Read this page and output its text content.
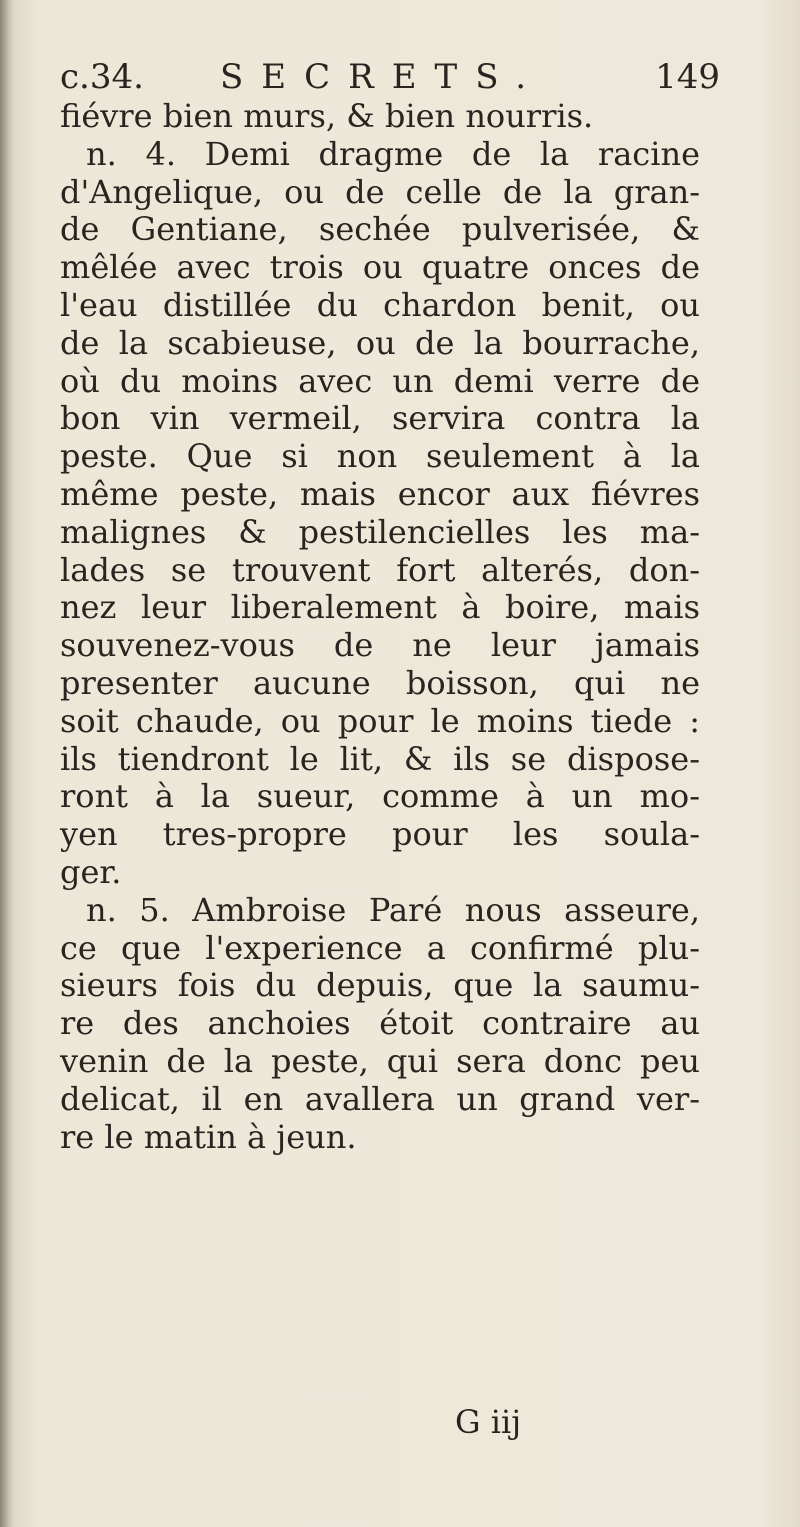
c.34. SECRETS.	149
fiévre bien murs, & bien nourris.
n. 4. Demi dragme de la racine
d'Angelique, ou de celle de la gran-
de Gentiane, sechée pulverisée, &
mêlée avec trois ou quatre onces de
l'eau distillée du chardon benit, ou
de la scabieuse, ou de la bourrache,
où du moins avec un demi verre de
bon vin vermeil, servira contra la
peste. Que si non seulement à la
même peste, mais encor aux fiévres
malignes & pestilencielles les ma-
lades se trouvent fort alterés, don-
nez leur liberalement à boire, mais
souvenez-vous de ne leur jamais
presenter aucune boisson, qui ne
soit chaude, ou pour le moins tiede :
ils tiendront le lit, & ils se dispose-
ront à la sueur, comme à un mo-
yen tres-propre pour les soula-
ger.
n. 5. Ambroise Paré nous asseure,
ce que l'experience a confirmé plu-
sieurs fois du depuis, que la saumu-
re des anchoies étoit contraire au
venin de la peste, qui sera donc peu
delicat, il en avallera un grand ver-
re le matin à jeun.
G iij
